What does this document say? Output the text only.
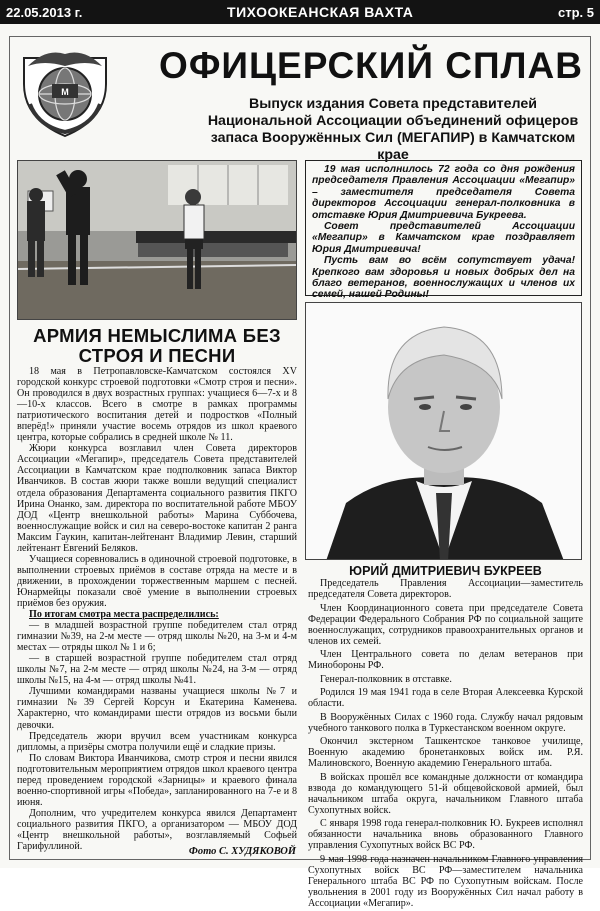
22.05.2013 г.	ТИХООКЕАНСКАЯ ВАХТА	стр. 5
M
ОФИЦЕРСКИЙ СПЛАВ
Выпуск издания Совета представителей Национальной Ассоциации объединений офицеров запаса Вооружённых Сил (МЕГАПИР) в Камчатском крае

19 мая исполнилось 72 года со дня рождения председателя Правления Ассоциации «Мегапир» – заместителя председателя Совета директоров Ассоциации генерал-полковника в отставке Юрия Дмитриевича Букреева.

Совет представителей Ассоциации «Мегапир» в Камчатском крае поздравляет Юрия Дмитриевича!

Пусть вам во всём сопутствует удача! Крепкого вам здоровья и новых добрых дел на благо ветеранов, военнослужащих и членов их семей, нашей Родины!

АРМИЯ НЕМЫСЛИМА БЕЗ СТРОЯ И ПЕСНИ

18 мая в Петропавловске-Камчатском состоялся XV городской конкурс строевой подготовки «Смотр строя и песни». Он проводился в двух возрастных группах: учащиеся 6—7-х и 8—10-х классов. Всего в смотре в рамках программы патриотического воспитания детей и подростков «Полный вперёд!» приняли участие восемь отрядов из школ краевого центра, которые собрались в средней школе № 11.

Жюри конкурса возглавил член Совета директоров Ассоциации «Мегапир», председатель Совета представителей Ассоциации в Камчатском крае подполковник запаса Виктор Иванчиков. В состав жюри также вошли ведущий специалист отдела образования Департамента социального развития ПКГО Ирина Онанко, зам. директора по воспитательной работе МБОУ ДОД «Центр внешкольной работы» Марина Суббочева, военнослужащие войск и сил на северо-востоке капитан 2 ранга Максим Гаукин, капитан-лейтенант Владимир Левин, старший лейтенант Евгений Беляков.

Учащиеся соревновались в одиночной строевой подготовке, в выполнении строевых приёмов в составе отряда на месте и в движении, в прохождении торжественным маршем с песней. Юнармейцы показали своё умение в выполнении строевых приёмов без оружия.

По итогам смотра места распределились:

— в младшей возрастной группе победителем стал отряд гимназии №39, на 2-м месте — отряд школы №20, на 3-м и 4-м местах — отряды школ № 1 и 6;

— в старшей возрастной группе победителем стал отряд школы №7, на 2-м месте — отряд школы №24, на 3-м — отряд школы №15, на 4-м — отряд школы №41.

Лучшими командирами названы учащиеся школы №7 и гимназии №39 Сергей Корсун и Екатерина Каменева. Характерно, что командирами шести отрядов из восьми были девочки.

Председатель жюри вручил всем участникам конкурса дипломы, а призёры смотра получили ещё и сладкие призы.

По словам Виктора Иванчикова, смотр строя и песни явился подготовительным мероприятием отрядов школ краевого центра перед проведением городской «Зарницы» и краевого финала военно-спортивной игры «Победа», запланированного на 7-е и 8 июня.

Дополним, что учредителем конкурса явился Департамент социального развития ПКГО, а организатором — МБОУ ДОД «Центр внешкольной работы», возглавляемый Софьей Гарифуллиной.	Фото С. ХУДЯКОВОЙ

ЮРИЙ ДМИТРИЕВИЧ БУКРЕЕВ

Председатель Правления Ассоциации—заместитель председателя Совета директоров.

Член Координационного совета при председателе Совета Федерации Федерального Собрания РФ по социальной защите военнослужащих, сотрудников правоохранительных органов и членов их семей.

Член Центрального совета по делам ветеранов при Минобороны РФ.

Генерал-полковник в отставке.

Родился 19 мая 1941 года в селе Вторая Алексеевка Курской области.

В Вооружённых Силах с 1960 года. Службу начал рядовым учебного танкового полка в Туркестанском военном округе.

Окончил экстерном Ташкентское танковое училище, Военную академию бронетанковых войск им. Р.Я. Малиновского, Военную академию Генерального штаба.

В войсках прошёл все командные должности от командира взвода до командующего 51-й общевойсковой армией, был начальником штаба округа, начальником Главного штаба Сухопутных войск.

С января 1998 года генерал-полковник Ю. Букреев исполнял обязанности начальника вновь образованного Главного управления Сухопутных войск ВС РФ.

9 мая 1998 года назначен начальником Главного управления Сухопутных войск ВС РФ—заместителем начальника Генерального штаба ВС РФ по Сухопутным войскам. После увольнения в 2001 году из Вооружённых Сил начал работу в Ассоциации «Мегапир».
